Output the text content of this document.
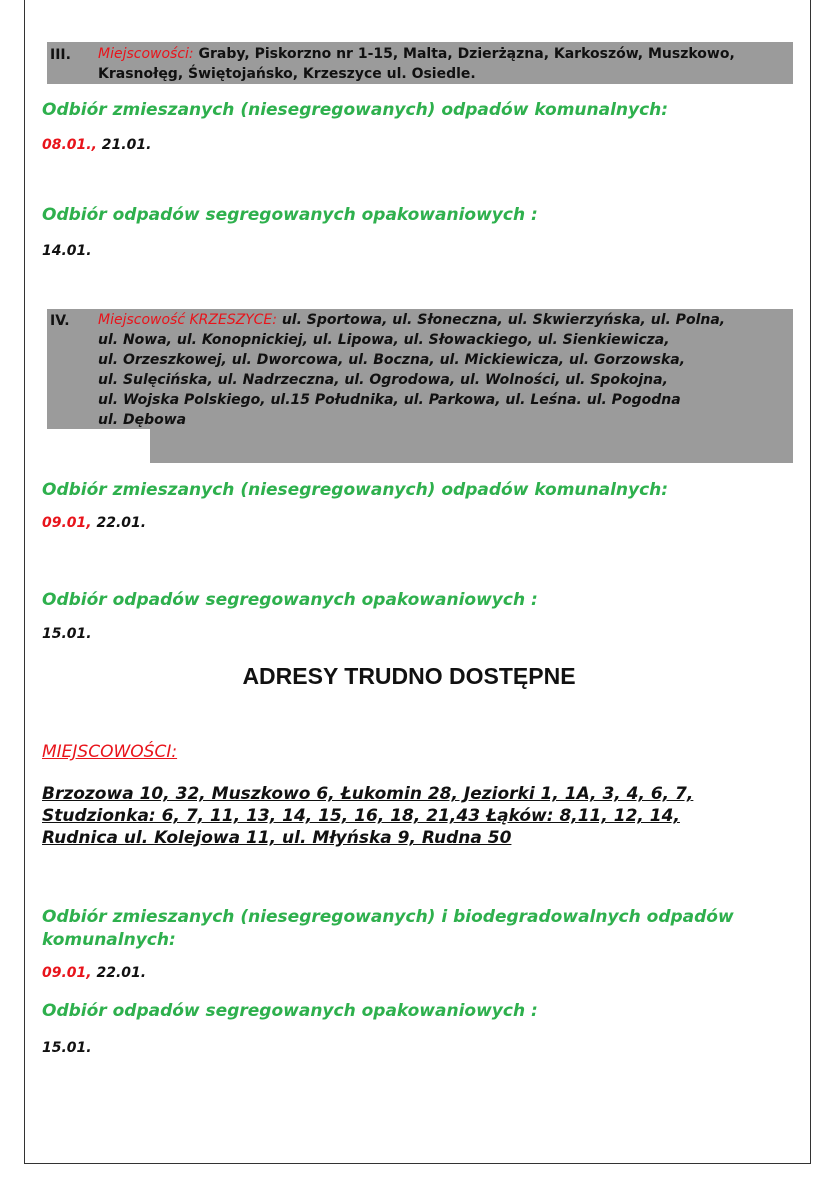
III. Miejscowości: Graby, Piskorzno nr 1-15, Malta, Dzierżązna, Karkoszów, Muszkowo,
Krasnołęg, Świętojańsko, Krzeszyce ul. Osiedle.
Odbiór zmieszanych (niesegregowanych) odpadów komunalnych:
08.01., 21.01.
Odbiór odpadów segregowanych opakowaniowych :
14.01.
IV. Miejscowość KRZESZYCE: ul. Sportowa, ul. Słoneczna, ul. Skwierzyńska, ul. Polna,
ul. Nowa, ul. Konopnickiej, ul. Lipowa, ul. Słowackiego, ul. Sienkiewicza,
ul. Orzeszkowej, ul. Dworcowa, ul. Boczna, ul. Mickiewicza, ul. Gorzowska,
ul. Sulęcińska, ul. Nadrzeczna, ul. Ogrodowa, ul. Wolności, ul. Spokojna,
ul. Wojska Polskiego, ul.15 Południka, ul. Parkowa, ul. Leśna. ul. Pogodna
ul. Dębowa
Odbiór zmieszanych (niesegregowanych) odpadów komunalnych:
09.01, 22.01.
Odbiór odpadów segregowanych opakowaniowych :
15.01.
ADRESY TRUDNO DOSTĘPNE
MIEJSCOWOŚCI:
Brzozowa 10, 32, Muszkowo 6, Łukomin 28, Jeziorki 1, 1A, 3, 4, 6, 7,
Studzionka: 6, 7, 11, 13, 14, 15, 16, 18, 21,43 Łąków: 8,11, 12, 14,
Rudnica ul. Kolejowa 11, ul. Młyńska 9, Rudna 50
Odbiór zmieszanych (niesegregowanych) i biodegradowalnych odpadów
komunalnych:
09.01, 22.01.
Odbiór odpadów segregowanych opakowaniowych :
15.01.
